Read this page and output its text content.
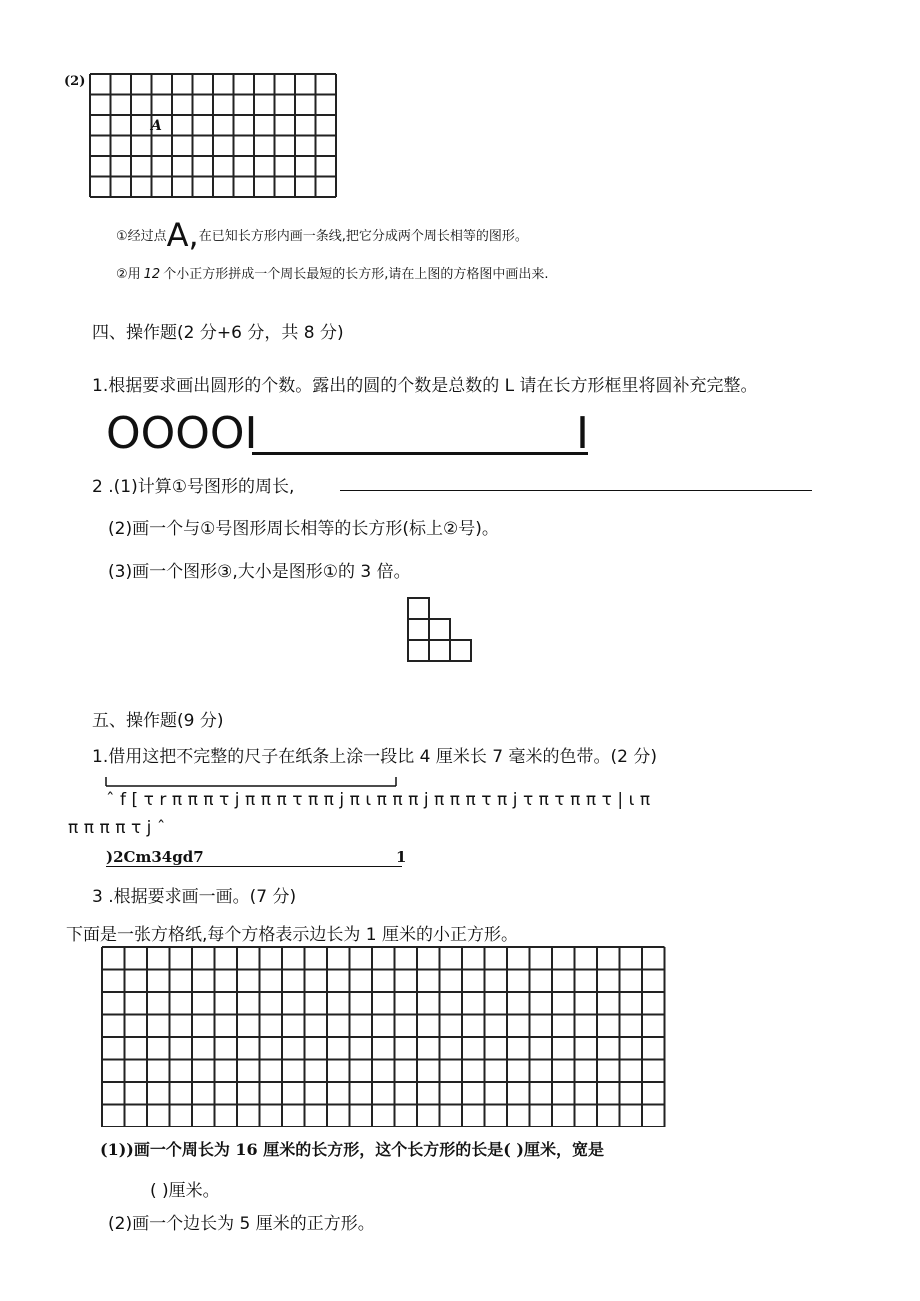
(2)
A
①经过点A,在已知长方形内画一条线,把它分成两个周长相等的图形。
②用 12 个小正方形拼成一个周长最短的长方形,请在上图的方格图中画出来.
四、操作题(2 分+6 分，共 8 分)
1.根据要求画出圆形的个数。露出的圆的个数是总数的 L 请在长方形框里将圆补充完整。
OOOOI	I
2 .(1)计算①号图形的周长,
(2)画一个与①号图形周长相等的长方形(标上②号)。
(3)画一个图形③,大小是图形①的 3 倍。
五、操作题(9 分)
1.借用这把不完整的尺子在纸条上涂一段比 4 厘米长 7 毫米的色带。(2 分)
ˆf[τrπππτjπππτππjπιπππjπππτπjτπτππτ|ιπ
ππππτjˆ
)2Cm34gd7	1
3 .根据要求画一画。(7 分)
下面是一张方格纸,每个方格表示边长为 1 厘米的小正方形。
(1))画一个周长为 16 厘米的长方形，这个长方形的长是( )厘米，宽是
( )厘米。
(2)画一个边长为 5 厘米的正方形。
